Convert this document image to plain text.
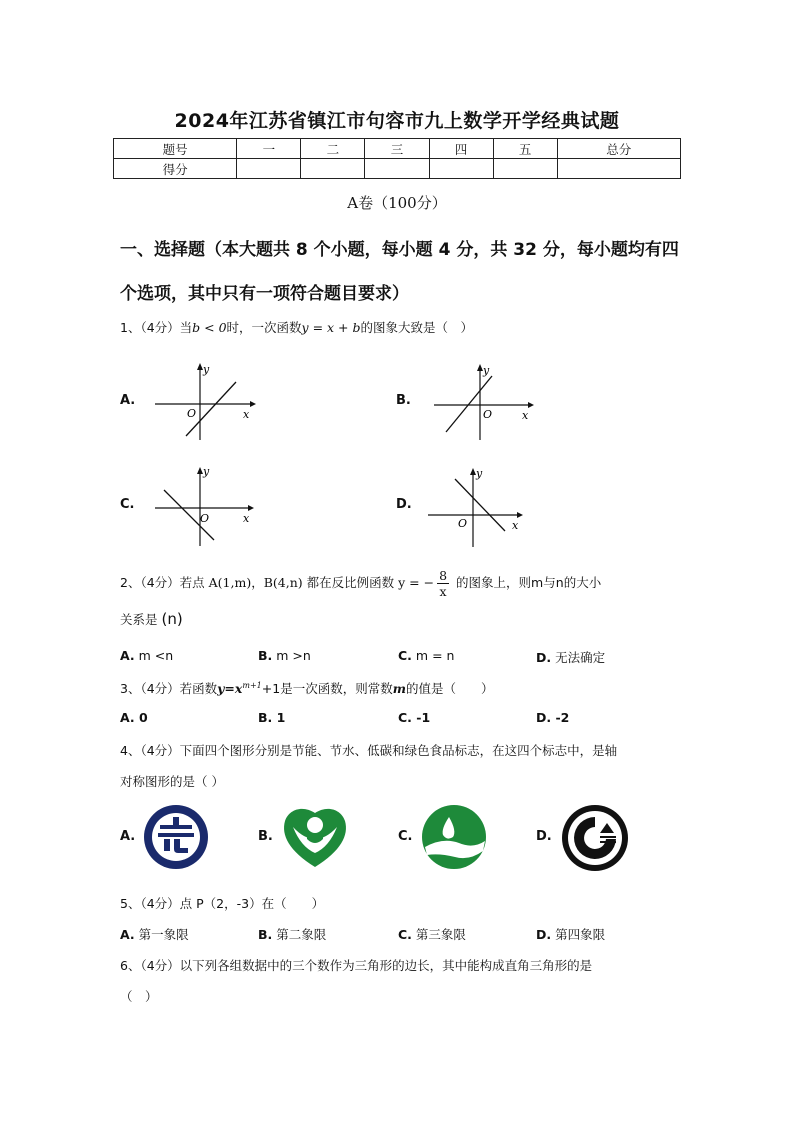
2024年江苏省镇江市句容市九上数学开学经典试题
题号	一	二	三	四	五	总分
得分						
A卷（100分）
一、选择题（本大题共 8 个小题，每小题 4 分，共 32 分，每小题均有四个选项，其中只有一项符合题目要求）
1、（4分）当b < 0时，一次函数y = x + b的图象大致是（　）
A.	B.
C.	D.
y
x
O
y
x
O
y
x
O
y
x
O
2、（4分）若点 A(1,m)，B(4,n) 都在反比例函数 y = − $\frac{8}{x}$ 的图象上，则m与n的大小
关系是 (n)
A. m <n	B. m >n	C. m = n	D. 无法确定
3、（4分）若函数$y=x^{m+1}+1$是一次函数，则常数m的值是（　　）
A. 0	B. 1	C. -1	D. -2
4、（4分）下面四个图形分别是节能、节水、低碳和绿色食品标志，在这四个标志中，是轴
对称图形的是（ ）
A.	B.	C.	D.
5、（4分）点 P（2，-3）在（　　）
A. 第一象限	B. 第二象限	C. 第三象限	D. 第四象限
6、（4分）以下列各组数据中的三个数作为三角形的边长，其中能构成直角三角形的是
（　）
